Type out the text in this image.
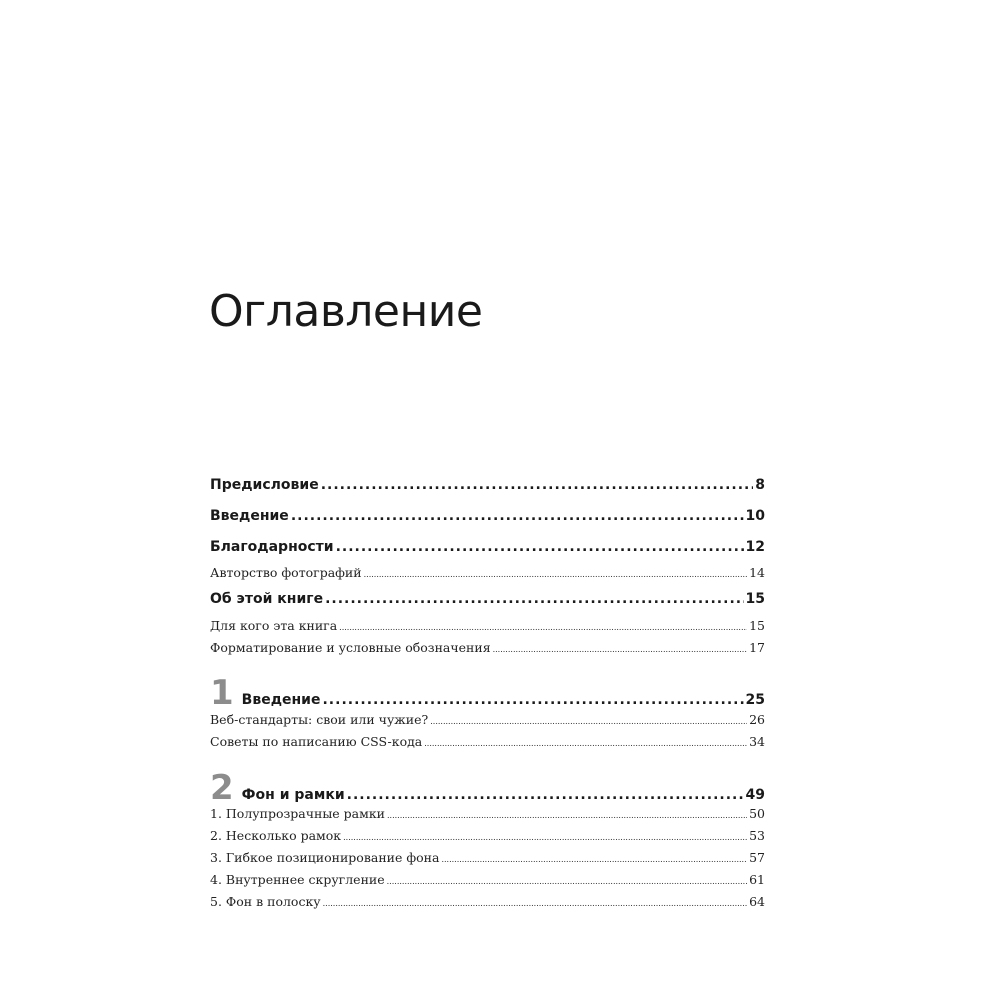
Оглавление
Предисловие .....	8
Введение .....	10
Благодарности .....	12
Авторство фотографий .....	14
Об этой книге .....	15
Для кого эта книга .....	15
Форматирование и условные обозначения .....	17
1 Введение .....	25
Веб-стандарты: свои или чужие? .....	26
Советы по написанию CSS-кода .....	34
2 Фон и рамки .....	49
1. Полупрозрачные рамки .....	50
2. Несколько рамок .....	53
3. Гибкое позиционирование фона .....	57
4. Внутреннее скругление .....	61
5. Фон в полоску .....	64
